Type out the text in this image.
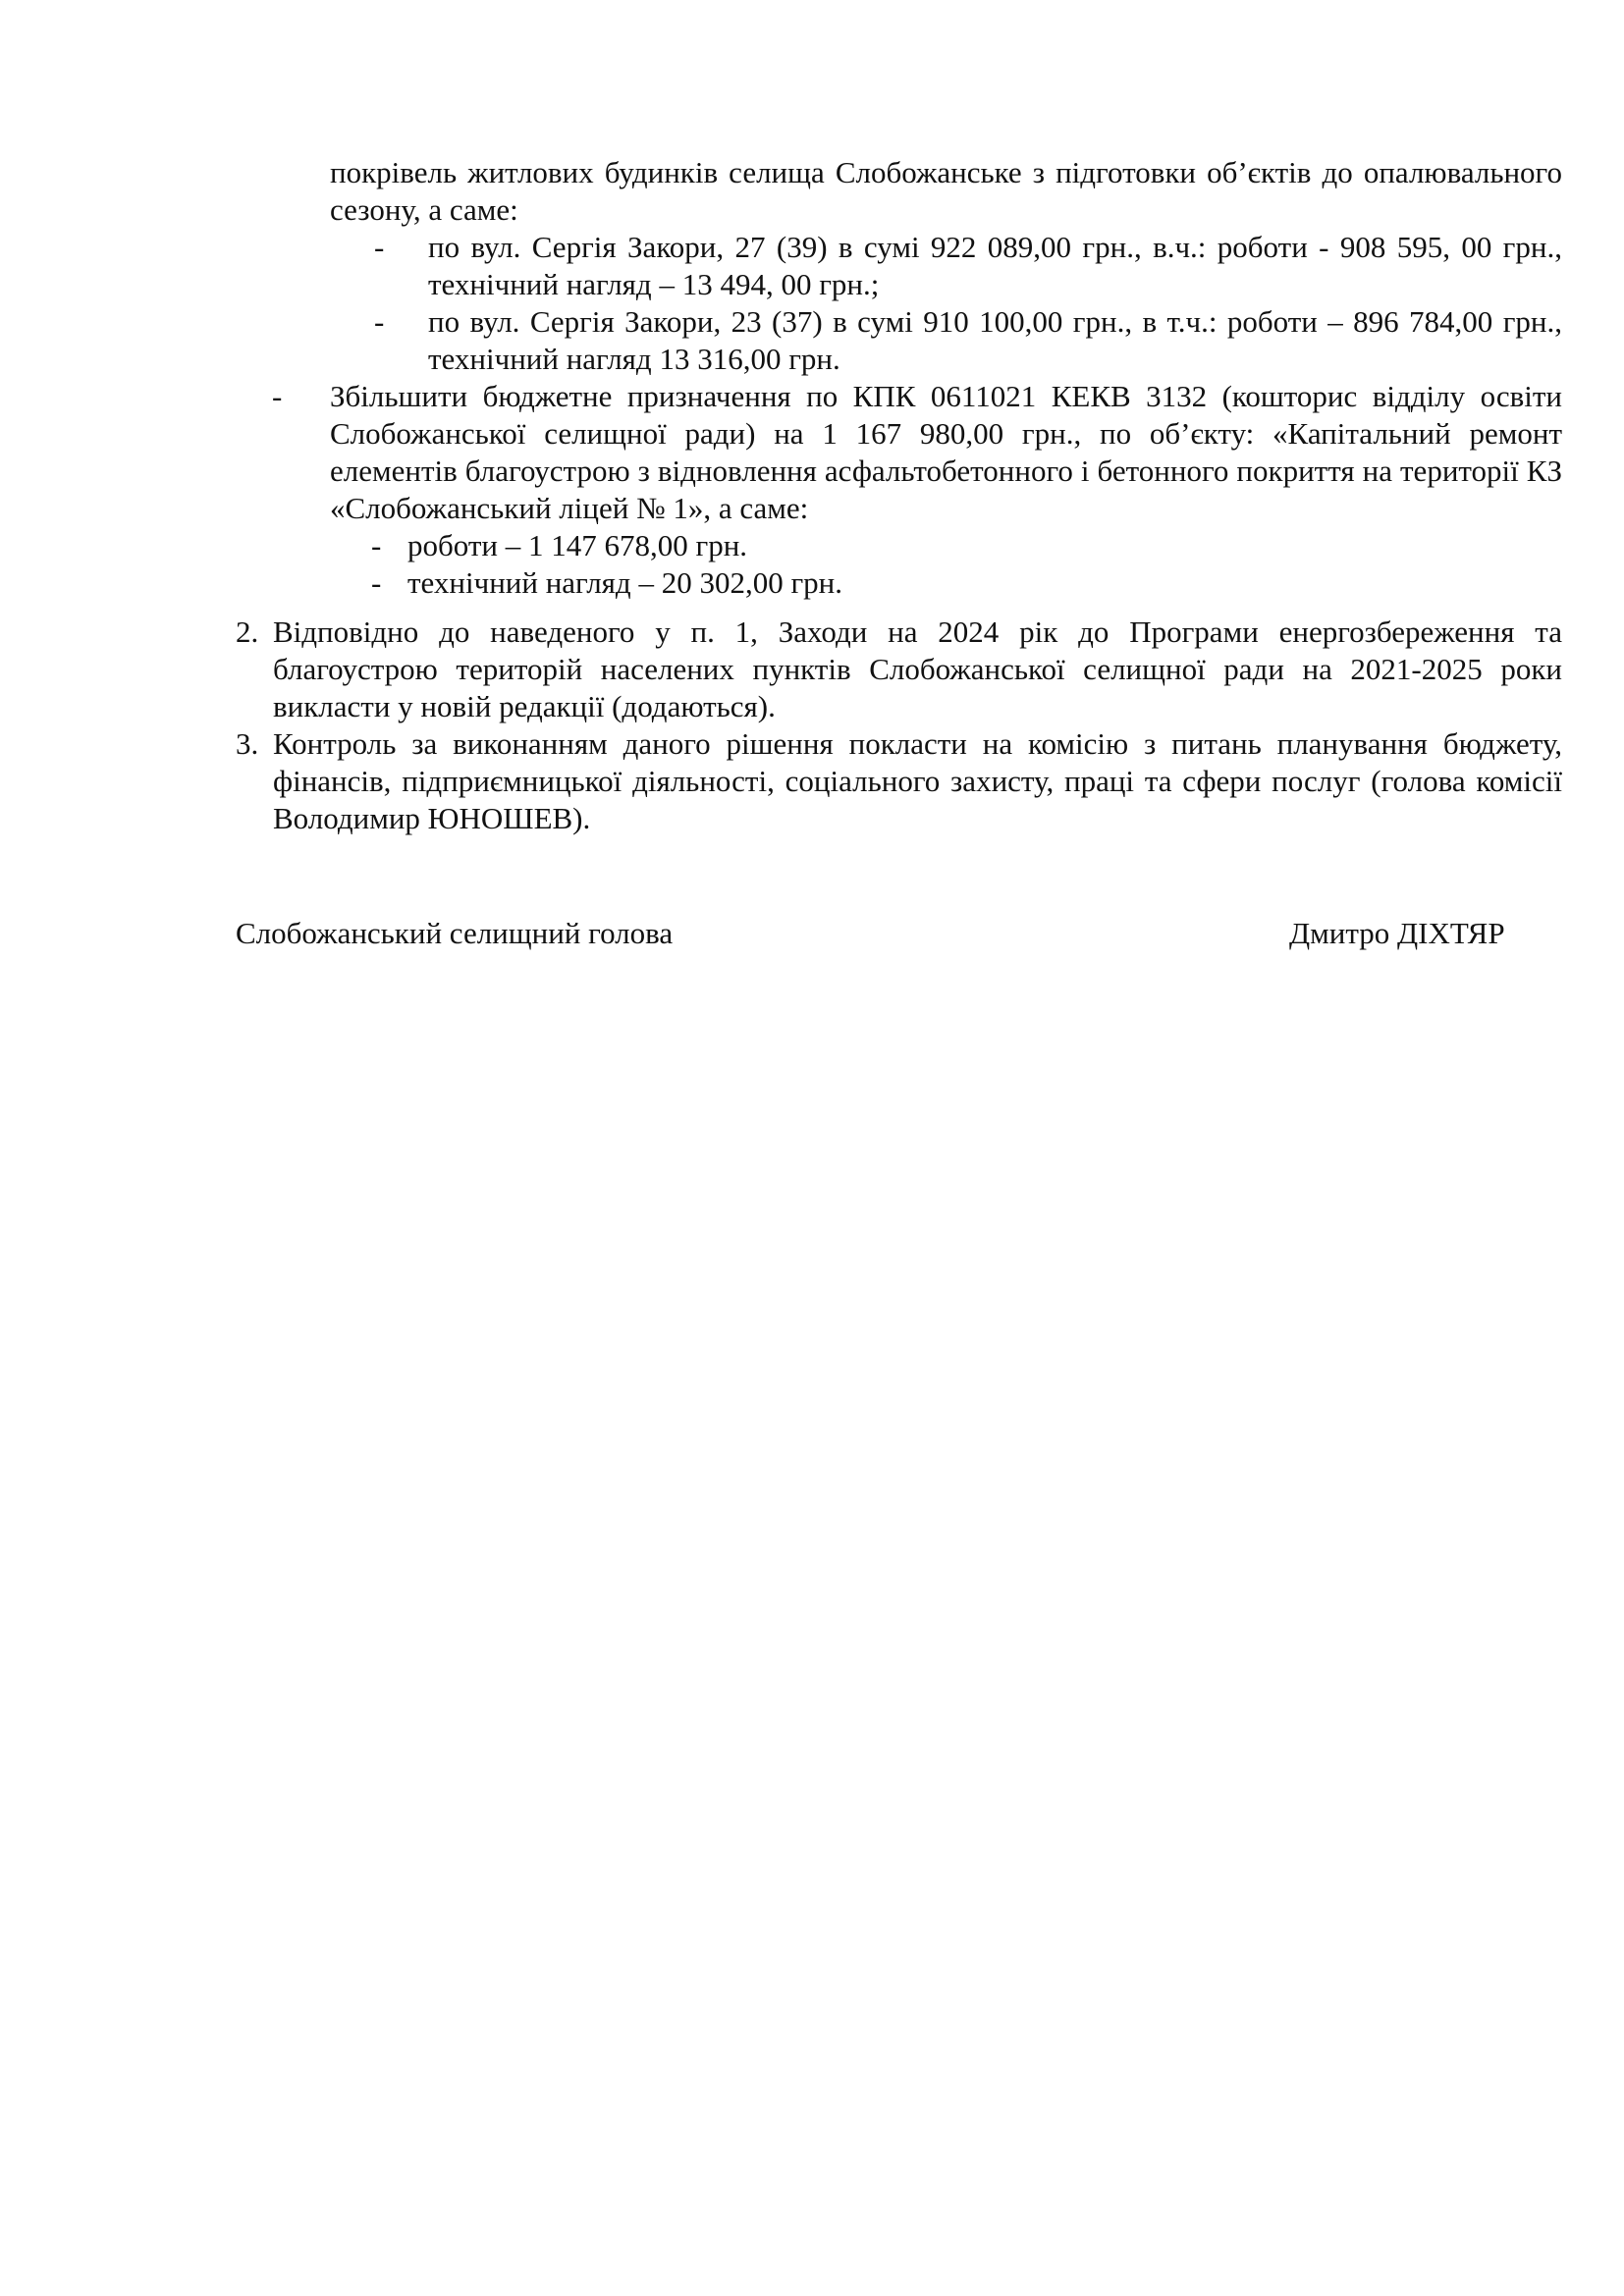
покрівель житлових будинків селища Слобожанське з підготовки об’єктів до опалювального сезону, а саме:

- по вул. Сергія Закори, 27 (39) в сумі 922 089,00 грн., в.ч.: роботи - 908 595, 00 грн., технічний нагляд – 13 494, 00 грн.;

- по вул. Сергія Закори, 23 (37) в сумі 910 100,00 грн., в т.ч.: роботи – 896 784,00 грн., технічний нагляд 13 316,00 грн.

- Збільшити бюджетне призначення по КПК 0611021 КЕКВ 3132 (кошторис відділу освіти Слобожанської селищної ради) на 1 167 980,00 грн., по об’єкту: «Капітальний ремонт елементів благоустрою з відновлення асфальтобетонного і бетонного покриття на території КЗ «Слобожанський ліцей № 1», а саме:

- роботи – 1 147 678,00 грн.

- технічний нагляд – 20 302,00 грн.

2. Відповідно до наведеного у п. 1, Заходи на 2024 рік до Програми енергозбереження та благоустрою територій населених пунктів Слобожанської селищної ради на 2021-2025 роки викласти у новій редакції (додаються).

3. Контроль за виконанням даного рішення покласти на комісію з питань планування бюджету, фінансів, підприємницької діяльності, соціального захисту, праці та сфери послуг (голова комісії Володимир ЮНОШЕВ).

Слобожанський селищний голова	Дмитро ДІХТЯР
